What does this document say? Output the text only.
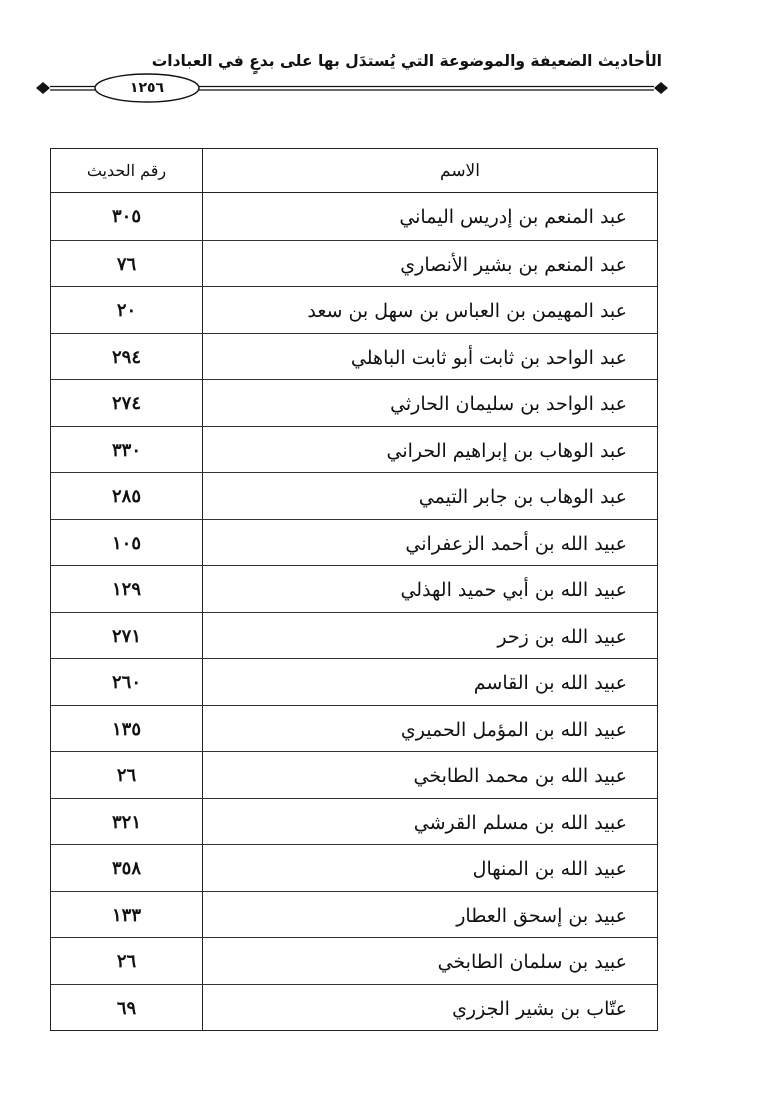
الأحاديث الضعيفة والموضوعة التي يُستدَل بها على بدعٍ في العبادات
١٢٥٦
الاسم
رقم الحديث
عبد المنعم بن إدريس اليماني
٣٠٥
عبد المنعم بن بشير الأنصاري
٧٦
عبد المهيمن بن العباس بن سهل بن سعد
٢٠
عبد الواحد بن ثابت أبو ثابت الباهلي
٢٩٤
عبد الواحد بن سليمان الحارثي
٢٧٤
عبد الوهاب بن إبراهيم الحراني
٣٣٠
عبد الوهاب بن جابر التيمي
٢٨٥
عبيد الله بن أحمد الزعفراني
١٠٥
عبيد الله بن أبي حميد الهذلي
١٢٩
عبيد الله بن زحر
٢٧١
عبيد الله بن القاسم
٢٦٠
عبيد الله بن المؤمل الحميري
١٣٥
عبيد الله بن محمد الطابخي
٢٦
عبيد الله بن مسلم القرشي
٣٢١
عبيد الله بن المنهال
٣٥٨
عبيد بن إسحق العطار
١٣٣
عبيد بن سلمان الطابخي
٢٦
عتّاب بن بشير الجزري
٦٩
